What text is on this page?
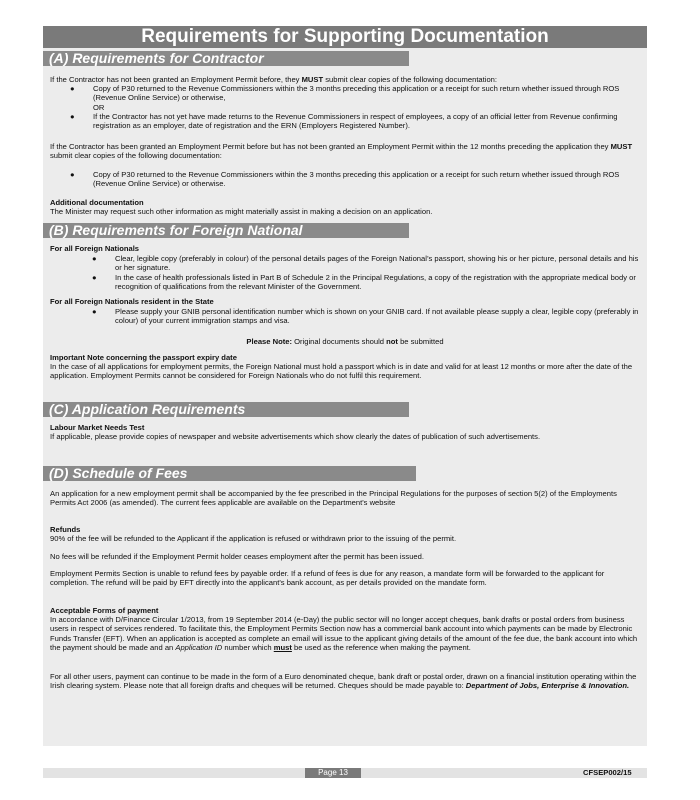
Requirements for Supporting Documentation
(A) Requirements for Contractor
If the Contractor has not been granted an Employment Permit before, they MUST submit clear copies of the following documentation:
● Copy of P30 returned to the Revenue Commissioners within the 3 months preceding this application or a receipt for such return whether issued through ROS (Revenue Online Service) or otherwise,
OR
● If the Contractor has not yet have made returns to the Revenue Commissioners in respect of employees, a copy of an official letter from Revenue confirming registration as an employer, date of registration and the ERN (Employers Registered Number).
If the Contractor has been granted an Employment Permit before but has not been granted an Employment Permit within the 12 months preceding the application they MUST submit clear copies of the following documentation:
● Copy of P30 returned to the Revenue Commissioners within the 3 months preceding this application or a receipt for such return whether issued through ROS (Revenue Online Service) or otherwise.
Additional documentation
The Minister may request such other information as might materially assist in making a decision on an application.
(B) Requirements for Foreign National
For all Foreign Nationals
● Clear, legible copy (preferably in colour) of the personal details pages of the Foreign National’s passport, showing his or her picture, personal details and his or her signature.
● In the case of health professionals listed in Part B of Schedule 2 in the Principal Regulations, a copy of the registration with the appropriate medical body or recognition of qualifications from the relevant Minister of the Government.
For all Foreign Nationals resident in the State
● Please supply your GNIB personal identification number which is shown on your GNIB card. If not available please supply a clear, legible copy (preferably in colour) of your current immigration stamps and visa.
Please Note: Original documents should not be submitted
Important Note concerning the passport expiry date
In the case of all applications for employment permits, the Foreign National must hold a passport which is in date and valid for at least 12 months or more after the date of the application. Employment Permits cannot be considered for Foreign Nationals who do not fulfil this requirement.
(C) Application Requirements
Labour Market Needs Test
If applicable, please provide copies of newspaper and website advertisements which show clearly the dates of publication of such advertisements.
(D) Schedule of Fees
An application for a new employment permit shall be accompanied by the fee prescribed in the Principal Regulations for the purposes of section 5(2) of the Employments Permits Act 2006 (as amended). The current fees applicable are available on the Department's website
Refunds
90% of the fee will be refunded to the Applicant if the application is refused or withdrawn prior to the issuing of the permit.
No fees will be refunded if the Employment Permit holder ceases employment after the permit has been issued.
Employment Permits Section is unable to refund fees by payable order. If a refund of fees is due for any reason, a mandate form will be forwarded to the applicant for completion. The refund will be paid by EFT directly into the applicant's bank account, as per details provided on the mandate form.
Acceptable Forms of payment
In accordance with D/Finance Circular 1/2013, from 19 September 2014 (e-Day) the public sector will no longer accept cheques, bank drafts or postal orders from business users in respect of services rendered. To facilitate this, the Employment Permits Section now has a commercial bank account into which payments can be made by Electronic Funds Transfer (EFT). When an application is accepted as complete an email will issue to the applicant giving details of the amount of the fee due, the bank account into which the payment should be made and an Application ID number which must be used as the reference when making the payment.
For all other users, payment can continue to be made in the form of a Euro denominated cheque, bank draft or postal order, drawn on a financial institution operating within the Irish clearing system. Please note that all foreign drafts and cheques will be returned. Cheques should be made payable to: Department of Jobs, Enterprise & Innovation.
Page 13	CFSEP002/15
